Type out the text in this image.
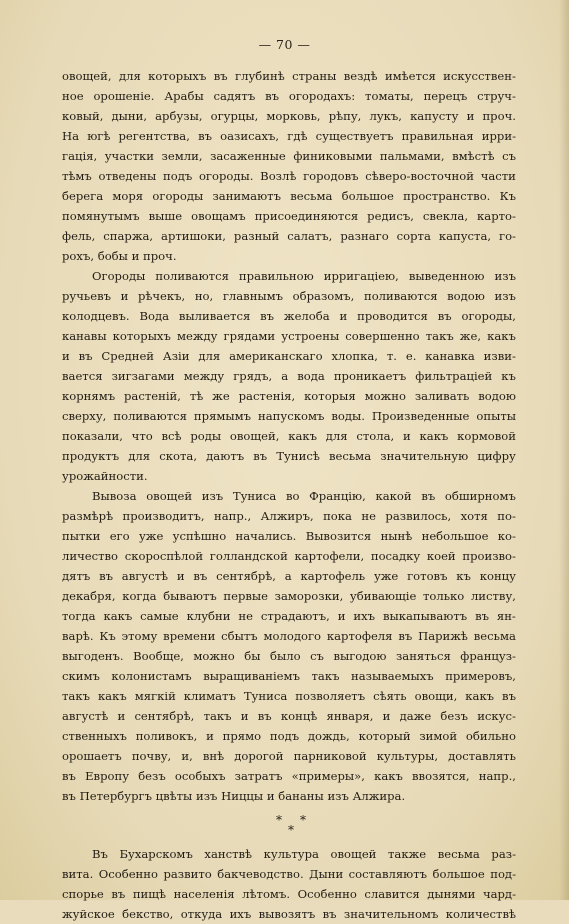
— 70 —
овощей, для которыхъ въ глубинѣ страны вездѣ имѣется искусствен-
ное орошеніе. Арабы садятъ въ огородахъ: томаты, перецъ струч-
ковый, дыни, арбузы, огурцы, морковь, рѣпу, лукъ, капусту и проч.
На югѣ регентства, въ оазисахъ, гдѣ существуетъ правильная ирри-
гація, участки земли, засаженные финиковыми пальмами, вмѣстѣ съ
тѣмъ отведены подъ огороды. Возлѣ городовъ сѣверо-восточной части
берега моря огороды занимаютъ весьма большое пространство. Къ
помянутымъ выше овощамъ присоединяются редисъ, свекла, карто-
фель, спаржа, артишоки, разный салатъ, разнаго сорта капуста, го-
рохъ, бобы и проч.
Огороды поливаются правильною ирригаціею, выведенною изъ
ручьевъ и рѣчекъ, но, главнымъ образомъ, поливаются водою изъ
колодцевъ. Вода выливается въ желоба и проводится въ огороды,
канавы которыхъ между грядами устроены совершенно такъ же, какъ
и въ Средней Азіи для американскаго хлопка, т. е. канавка изви-
вается зигзагами между грядъ, а вода проникаетъ фильтраціей къ
корнямъ растеній, тѣ же растенія, которыя можно заливать водою
сверху, поливаются прямымъ напускомъ воды. Произведенные опыты
показали, что всѣ роды овощей, какъ для стола, и какъ кормовой
продуктъ для скота, даютъ въ Тунисѣ весьма значительную цифру
урожайности.
Вывоза овощей изъ Туниса во Францію, какой въ обширномъ
размѣрѣ производитъ, напр., Алжиръ, пока не развилось, хотя по-
пытки его уже успѣшно начались. Вывозится нынѣ небольшое ко-
личество скороспѣлой голландской картофели, посадку коей произво-
дятъ въ августѣ и въ сентябрѣ, а картофель уже готовъ къ концу
декабря, когда бываютъ первые заморозки, убивающіе только листву,
тогда какъ самые клубни не страдаютъ, и ихъ выкапываютъ въ ян-
варѣ. Къ этому времени сбытъ молодого картофеля въ Парижѣ весьма
выгоденъ. Вообще, можно бы было съ выгодою заняться француз-
скимъ колонистамъ выращиваніемъ такъ называемыхъ примеровъ,
такъ какъ мягкій климатъ Туниса позволяетъ сѣять овощи, какъ въ
августѣ и сентябрѣ, такъ и въ концѣ января, и даже безъ искус-
ственныхъ поливокъ, и прямо подъ дождь, который зимой обильно
орошаетъ почву, и, внѣ дорогой парниковой культуры, доставлять
въ Европу безъ особыхъ затратъ «примеры», какъ ввозятся, напр.,
въ Петербургъ цвѣты изъ Ниццы и бананы изъ Алжира.
* *
*
Въ Бухарскомъ ханствѣ культура овощей также весьма раз-
вита. Особенно развито бакчеводство. Дыни составляютъ большое под-
спорье въ пищѣ населенія лѣтомъ. Особенно славится дынями чард-
жуйское бекство, откуда ихъ вывозятъ въ значительномъ количествѣ
